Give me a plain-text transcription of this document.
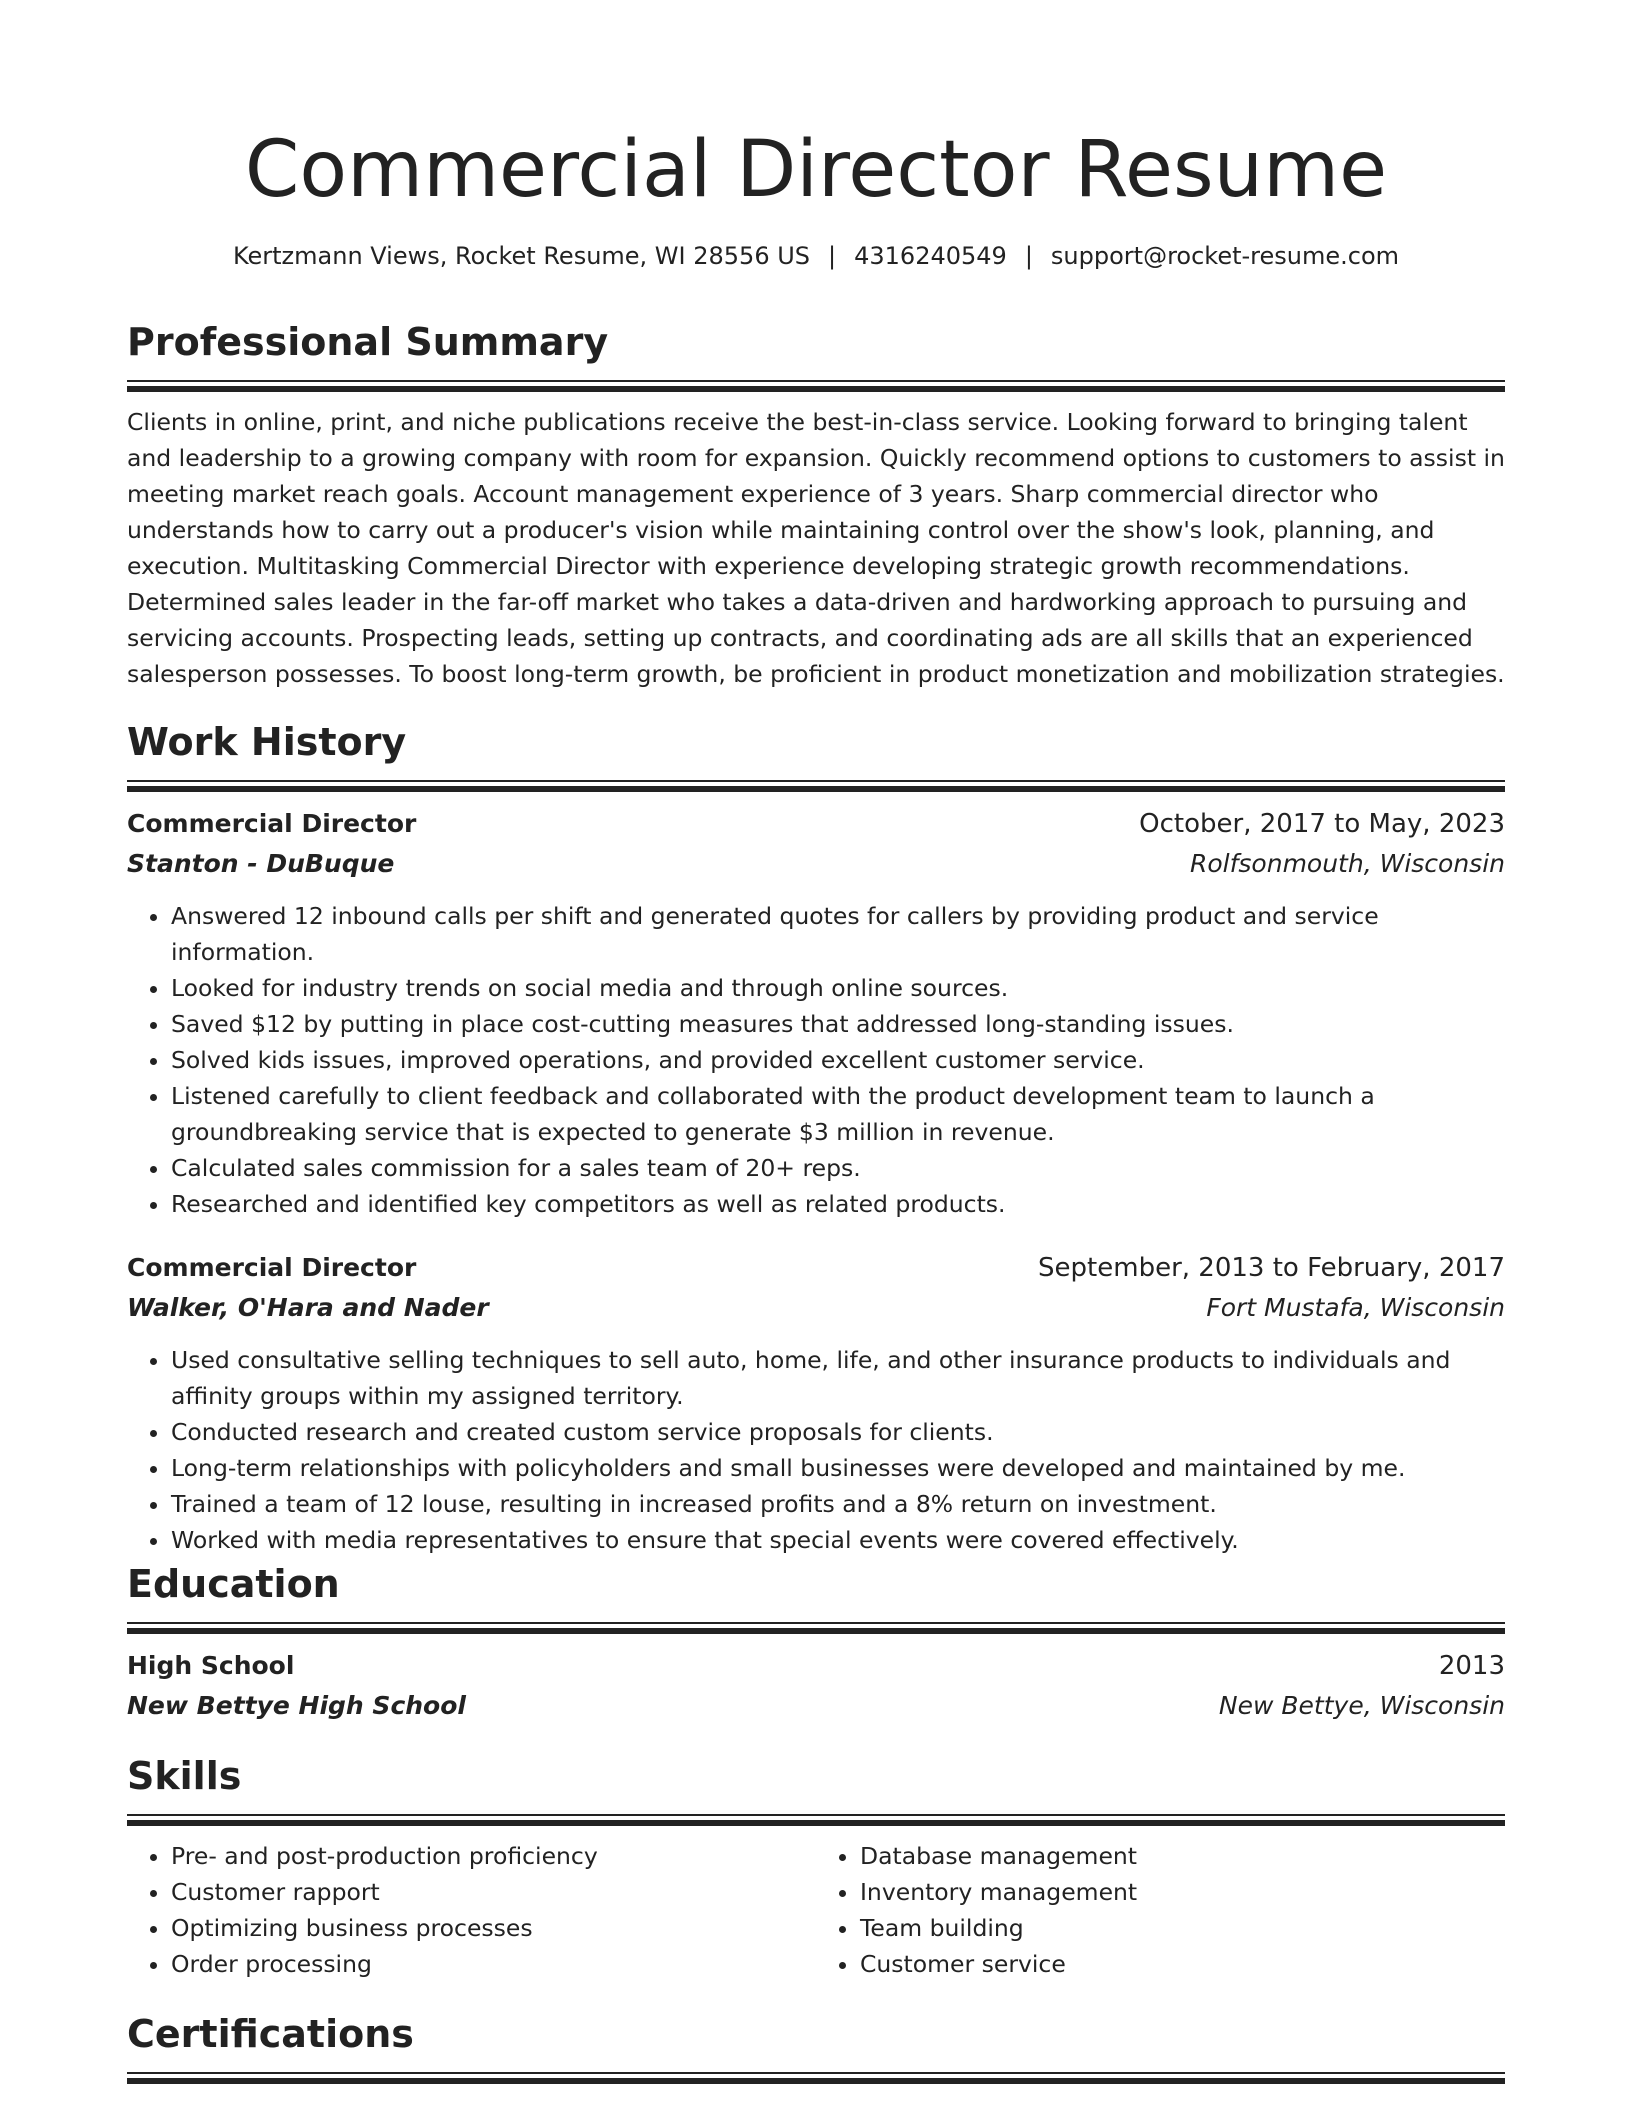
Commercial Director Resume
Kertzmann Views, Rocket Resume, WI 28556 US | 4316240549 | support@rocket-resume.com
Professional Summary
Clients in online, print, and niche publications receive the best-in-class service. Looking forward to bringing talent and leadership to a growing company with room for expansion. Quickly recommend options to customers to assist in meeting market reach goals. Account management experience of 3 years. Sharp commercial director who understands how to carry out a producer's vision while maintaining control over the show's look, planning, and execution. Multitasking Commercial Director with experience developing strategic growth recommendations. Determined sales leader in the far-off market who takes a data-driven and hardworking approach to pursuing and servicing accounts. Prospecting leads, setting up contracts, and coordinating ads are all skills that an experienced salesperson possesses. To boost long-term growth, be proficient in product monetization and mobilization strategies.
Work History
Commercial Director	October, 2017 to May, 2023
Stanton - DuBuque	Rolfsonmouth, Wisconsin
• Answered 12 inbound calls per shift and generated quotes for callers by providing product and service information.
• Looked for industry trends on social media and through online sources.
• Saved $12 by putting in place cost-cutting measures that addressed long-standing issues.
• Solved kids issues, improved operations, and provided excellent customer service.
• Listened carefully to client feedback and collaborated with the product development team to launch a groundbreaking service that is expected to generate $3 million in revenue.
• Calculated sales commission for a sales team of 20+ reps.
• Researched and identified key competitors as well as related products.
Commercial Director	September, 2013 to February, 2017
Walker, O'Hara and Nader	Fort Mustafa, Wisconsin
• Used consultative selling techniques to sell auto, home, life, and other insurance products to individuals and affinity groups within my assigned territory.
• Conducted research and created custom service proposals for clients.
• Long-term relationships with policyholders and small businesses were developed and maintained by me.
• Trained a team of 12 louse, resulting in increased profits and a 8% return on investment.
• Worked with media representatives to ensure that special events were covered effectively.
Education
High School	2013
New Bettye High School	New Bettye, Wisconsin
Skills
• Pre- and post-production proficiency
• Customer rapport
• Optimizing business processes
• Order processing
• Database management
• Inventory management
• Team building
• Customer service
Certifications
